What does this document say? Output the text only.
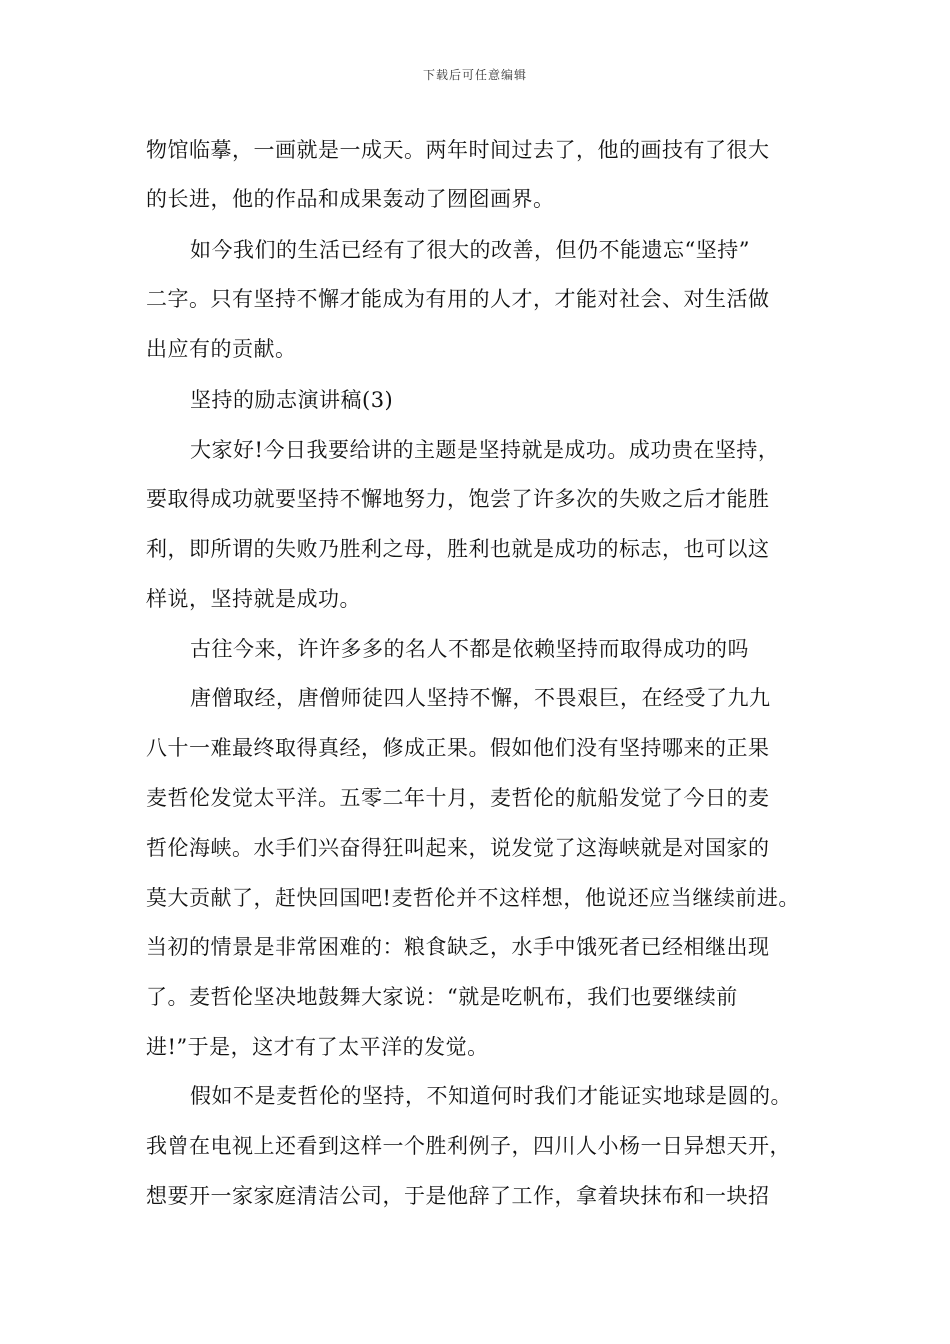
下载后可任意编辑
物馆临摹，一画就是一成天。两年时间过去了，他的画技有了很大
的长进，他的作品和成果轰动了囫囵画界。
如今我们的生活已经有了很大的改善，但仍不能遗忘“坚持”
二字。只有坚持不懈才能成为有用的人才，才能对社会、对生活做
出应有的贡献。
坚持的励志演讲稿(3)
大家好!今日我要给讲的主题是坚持就是成功。成功贵在坚持，
要取得成功就要坚持不懈地努力，饱尝了许多次的失败之后才能胜
利，即所谓的失败乃胜利之母，胜利也就是成功的标志，也可以这
样说，坚持就是成功。
古往今来，许许多多的名人不都是依赖坚持而取得成功的吗
唐僧取经，唐僧师徒四人坚持不懈，不畏艰巨，在经受了九九
八十一难最终取得真经，修成正果。假如他们没有坚持哪来的正果
麦哲伦发觉太平洋。五零二年十月，麦哲伦的航船发觉了今日的麦
哲伦海峡。水手们兴奋得狂叫起来，说发觉了这海峡就是对国家的
莫大贡献了，赶快回国吧!麦哲伦并不这样想，他说还应当继续前进。
当初的情景是非常困难的：粮食缺乏，水手中饿死者已经相继出现
了。麦哲伦坚决地鼓舞大家说：“就是吃帆布，我们也要继续前
进!”于是，这才有了太平洋的发觉。
假如不是麦哲伦的坚持，不知道何时我们才能证实地球是圆的。
我曾在电视上还看到这样一个胜利例子，四川人小杨一日异想天开，
想要开一家家庭清洁公司，于是他辞了工作，拿着块抹布和一块招
